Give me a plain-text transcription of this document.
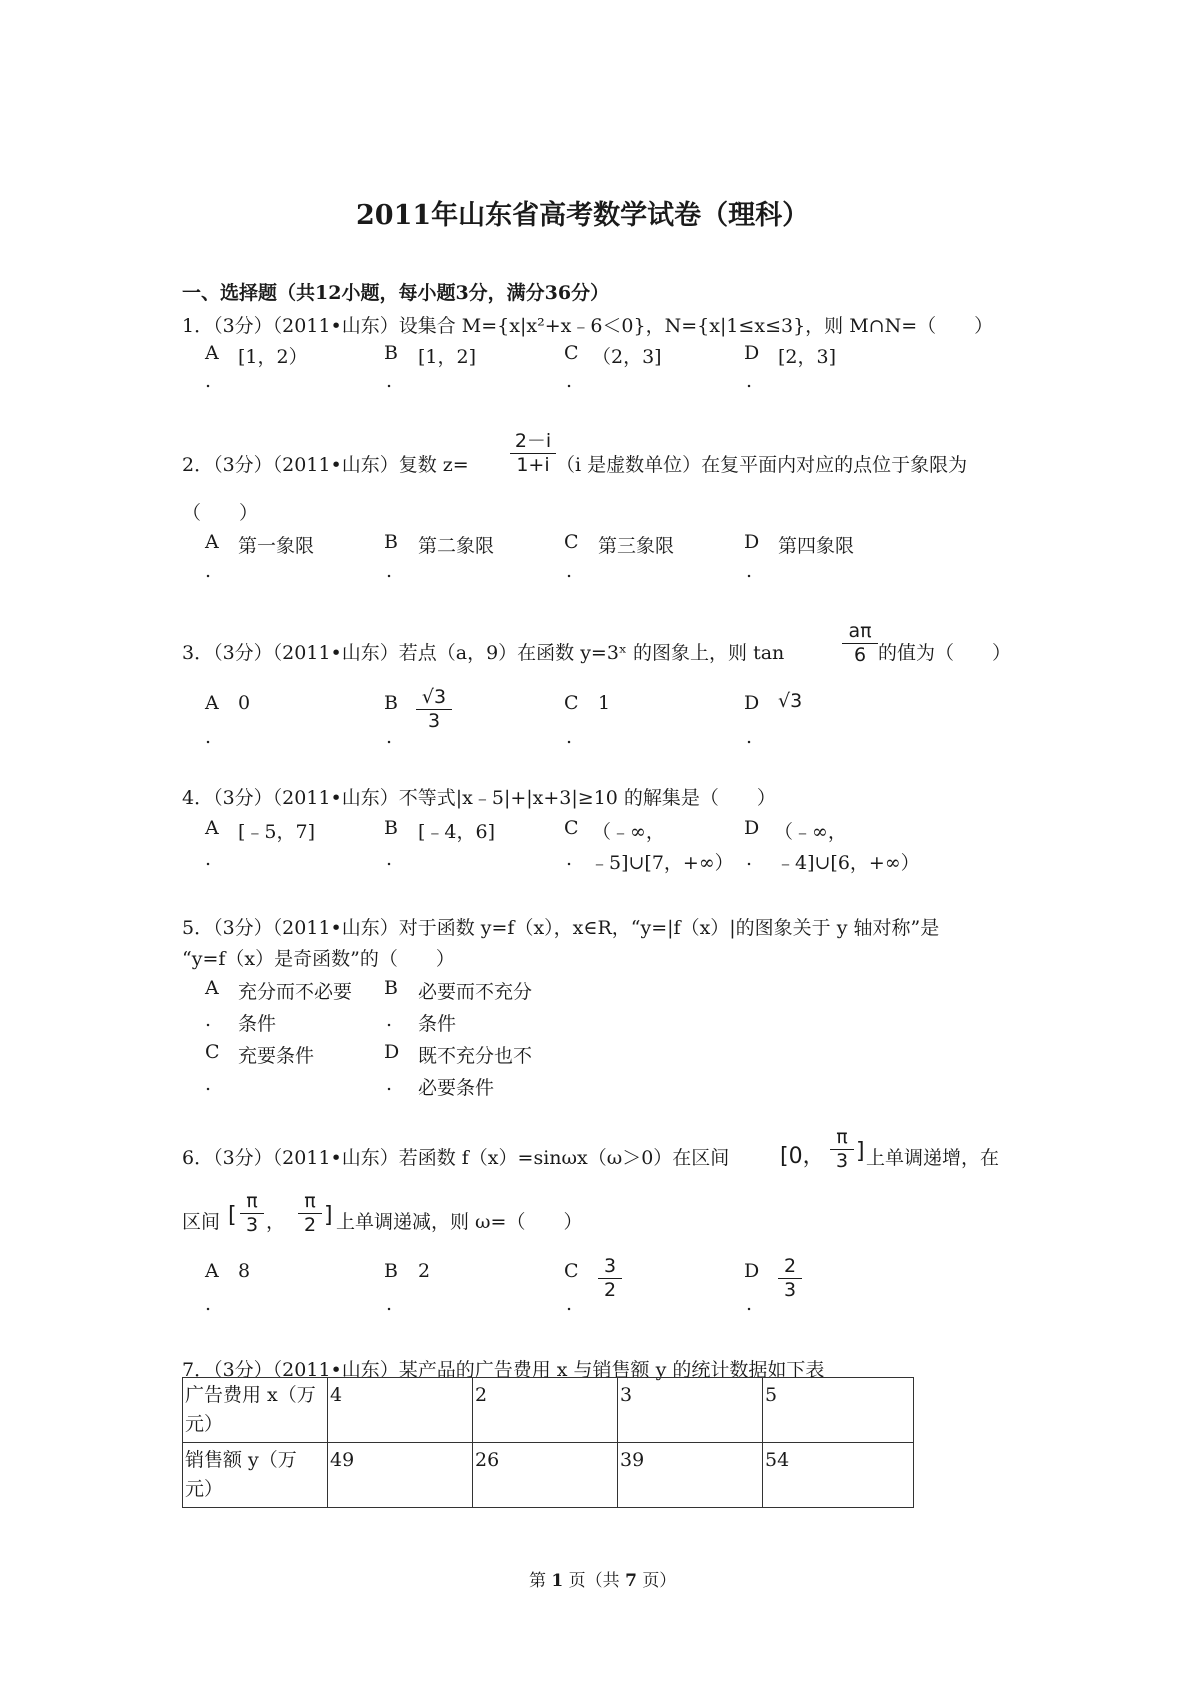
2011年山东省高考数学试卷（理科）
一、选择题（共12小题，每小题3分，满分36分）
1．（3分）（2011•山东）设集合 M={x|x²+x﹣6＜0}，N={x|1≤x≤3}，则 M∩N=（　　）
A [1，2）
.
B [1，2]
.
C （2，3]
.
D [2，3]
.
2．（3分）（2011•山东）复数 z=
2－i
1+i （i 是虚数单位）在复平面内对应的点位于象限为
（　　）
A 第一象限
.
B 第二象限
.
C 第三象限
.
D 第四象限
.
3．（3分）（2011•山东）若点（a，9）在函数 y=3ˣ 的图象上，则 tan
aπ
6 的值为（　　）
A 0
.
B	√3
3
.
C 1
.
D √3
.
4．（3分）（2011•山东）不等式|x﹣5|+|x+3|≥10 的解集是（　　）
A [﹣5，7]
.
B [﹣4，6]
.
C （﹣∞，
. ﹣5]∪[7，+∞）
D （﹣∞，
. ﹣4]∪[6，+∞）
5．（3分）（2011•山东）对于函数 y=f（x），x∈R，“y=|f（x）|的图象关于 y 轴对称”是
“y=f（x）是奇函数”的（　　）
A 充分而不必要
. 条件
B 必要而不充分
. 条件
C 充要条件
.
D 既不充分也不
. 必要条件
6．（3分）（2011•山东）若函数 f（x）=sinωx（ω＞0）在区间 [0，
π
3 ] 上单调递增，在
区间 [
π
3 ，
π
2 ] 上单调递减，则 ω=（　　）
A 8
.
B 2
.
C	3
2
.
D	2
3
.
7．（3分）（2011•山东）某产品的广告费用 x 与销售额 y 的统计数据如下表
广告费用 x（万
元）	4	2	3	5
销售额 y（万
元）	49	26	39	54
第 1 页（共 7 页）
